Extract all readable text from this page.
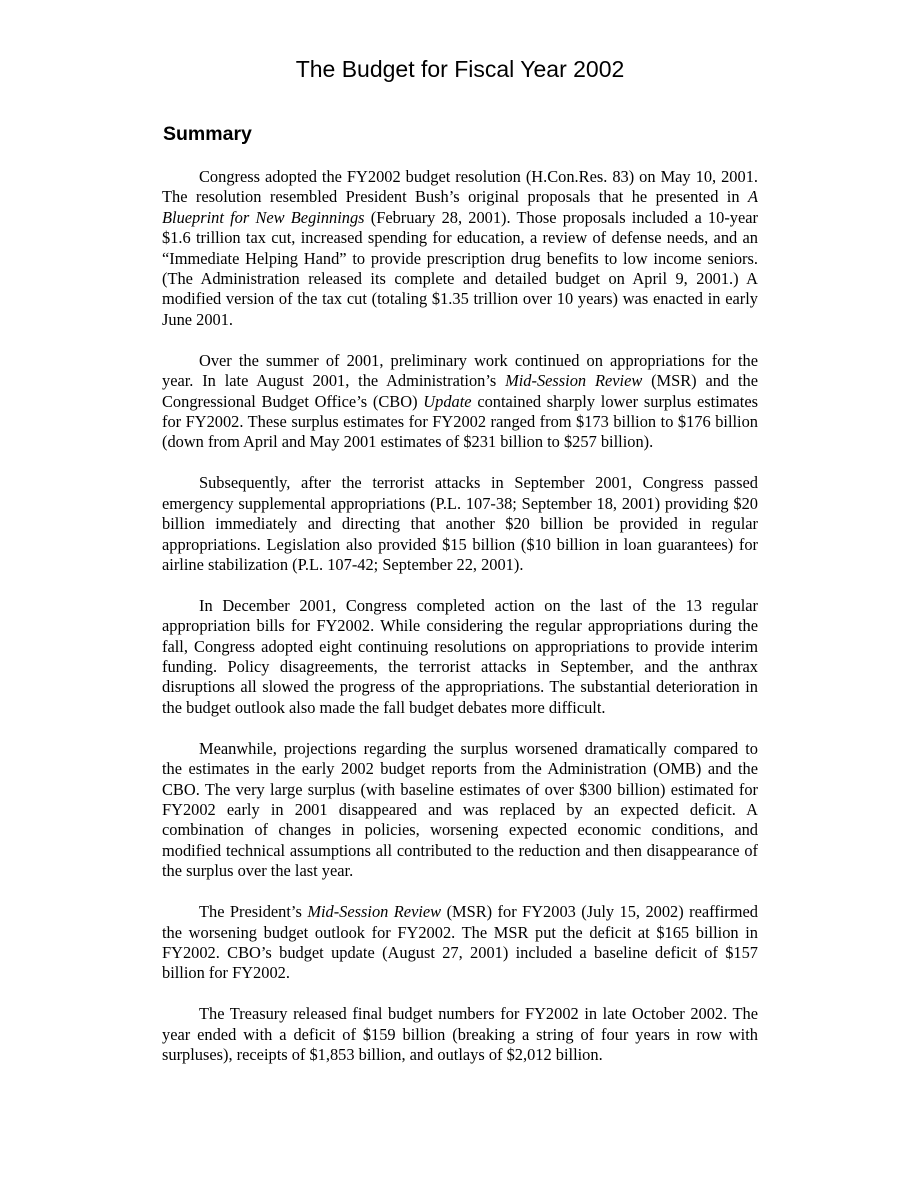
The Budget for Fiscal Year 2002
Summary

Congress adopted the FY2002 budget resolution (H.Con.Res. 83) on May 10, 2001. The resolution resembled President Bush’s original proposals that he presented in A Blueprint for New Beginnings (February 28, 2001). Those proposals included a 10-year $1.6 trillion tax cut, increased spending for education, a review of defense needs, and an “Immediate Helping Hand” to provide prescription drug benefits to low income seniors. (The Administration released its complete and detailed budget on April 9, 2001.) A modified version of the tax cut (totaling $1.35 trillion over 10 years) was enacted in early June 2001.

Over the summer of 2001, preliminary work continued on appropriations for the year. In late August 2001, the Administration’s Mid-Session Review (MSR) and the Congressional Budget Office’s (CBO) Update contained sharply lower surplus estimates for FY2002. These surplus estimates for FY2002 ranged from $173 billion to $176 billion (down from April and May 2001 estimates of $231 billion to $257 billion).

Subsequently, after the terrorist attacks in September 2001, Congress passed emergency supplemental appropriations (P.L. 107-38; September 18, 2001) providing $20 billion immediately and directing that another $20 billion be provided in regular appropriations. Legislation also provided $15 billion ($10 billion in loan guarantees) for airline stabilization (P.L. 107-42; September 22, 2001).

In December 2001, Congress completed action on the last of the 13 regular appropriation bills for FY2002. While considering the regular appropriations during the fall, Congress adopted eight continuing resolutions on appropriations to provide interim funding. Policy disagreements, the terrorist attacks in September, and the anthrax disruptions all slowed the progress of the appropriations. The substantial deterioration in the budget outlook also made the fall budget debates more difficult.

Meanwhile, projections regarding the surplus worsened dramatically compared to the estimates in the early 2002 budget reports from the Administration (OMB) and the CBO. The very large surplus (with baseline estimates of over $300 billion) estimated for FY2002 early in 2001 disappeared and was replaced by an expected deficit. A combination of changes in policies, worsening expected economic conditions, and modified technical assumptions all contributed to the reduction and then disappearance of the surplus over the last year.

The President’s Mid-Session Review (MSR) for FY2003 (July 15, 2002) reaffirmed the worsening budget outlook for FY2002. The MSR put the deficit at $165 billion in FY2002. CBO’s budget update (August 27, 2001) included a baseline deficit of $157 billion for FY2002.

The Treasury released final budget numbers for FY2002 in late October 2002. The year ended with a deficit of $159 billion (breaking a string of four years in row with surpluses), receipts of $1,853 billion, and outlays of $2,012 billion.
